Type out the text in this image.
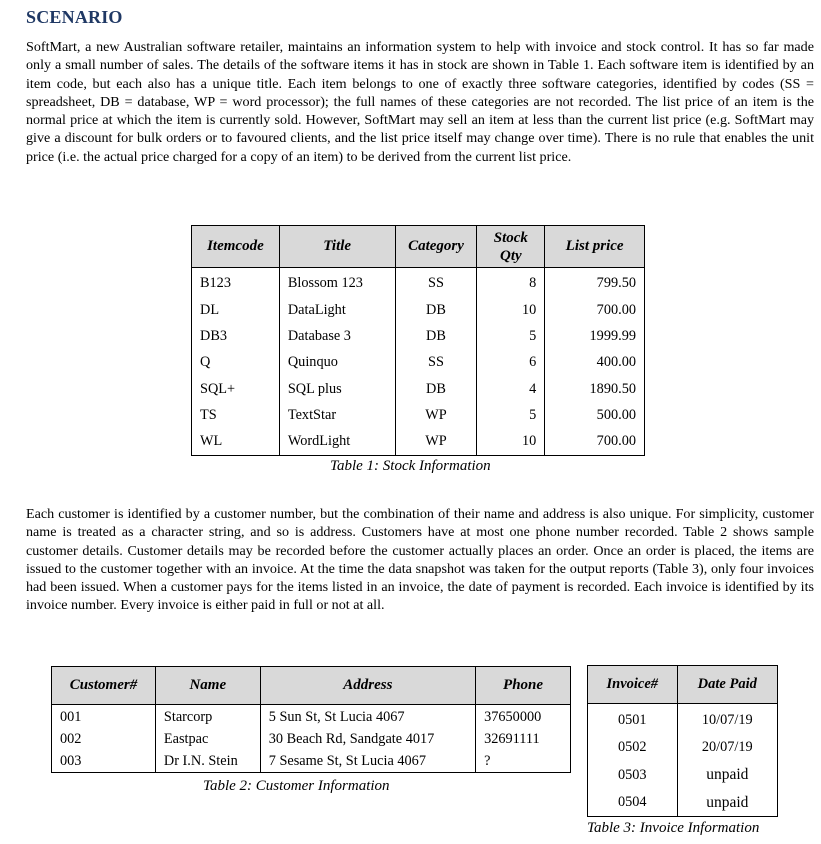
SCENARIO

SoftMart, a new Australian software retailer, maintains an information system to help with invoice and stock control. It has so far made only a small number of sales. The details of the software items it has in stock are shown in Table 1. Each software item is identified by an item code, but each also has a unique title. Each item belongs to one of exactly three software categories, identified by codes (SS = spreadsheet, DB = database, WP = word processor); the full names of these categories are not recorded. The list price of an item is the normal price at which the item is currently sold. However, SoftMart may sell an item at less than the current list price (e.g. SoftMart may give a discount for bulk orders or to favoured clients, and the list price itself may change over time). There is no rule that enables the unit price (i.e. the actual price charged for a copy of an item) to be derived from the current list price.

Itemcode	Title	Category	Stock Qty	List price

B123	Blossom 123	SS	8	799.50
DL	DataLight	DB	10	700.00
DB3	Database 3	DB	5	1999.99
Q	Quinquo	SS	6	400.00
SQL+	SQL plus	DB	4	1890.50
TS	TextStar	WP	5	500.00
WL	WordLight	WP	10	700.00
Table 1: Stock Information

Each customer is identified by a customer number, but the combination of their name and address is also unique. For simplicity, customer name is treated as a character string, and so is address. Customers have at most one phone number recorded. Table 2 shows sample customer details. Customer details may be recorded before the customer actually places an order. Once an order is placed, the items are issued to the customer together with an invoice. At the time the data snapshot was taken for the output reports (Table 3), only four invoices had been issued. When a customer pays for the items listed in an invoice, the date of payment is recorded. Each invoice is identified by its invoice number. Every invoice is either paid in full or not at all.

Customer#	Name	Address	Phone

001	Starcorp	5 Sun St, St Lucia 4067	37650000
002	Eastpac	30 Beach Rd, Sandgate 4017	32691111
003	Dr I.N. Stein	7 Sesame St, St Lucia 4067	?
Table 2: Customer Information
Invoice#	Date Paid

0501	10/07/19
0502	20/07/19
0503	unpaid
0504	unpaid
Table 3: Invoice Information
